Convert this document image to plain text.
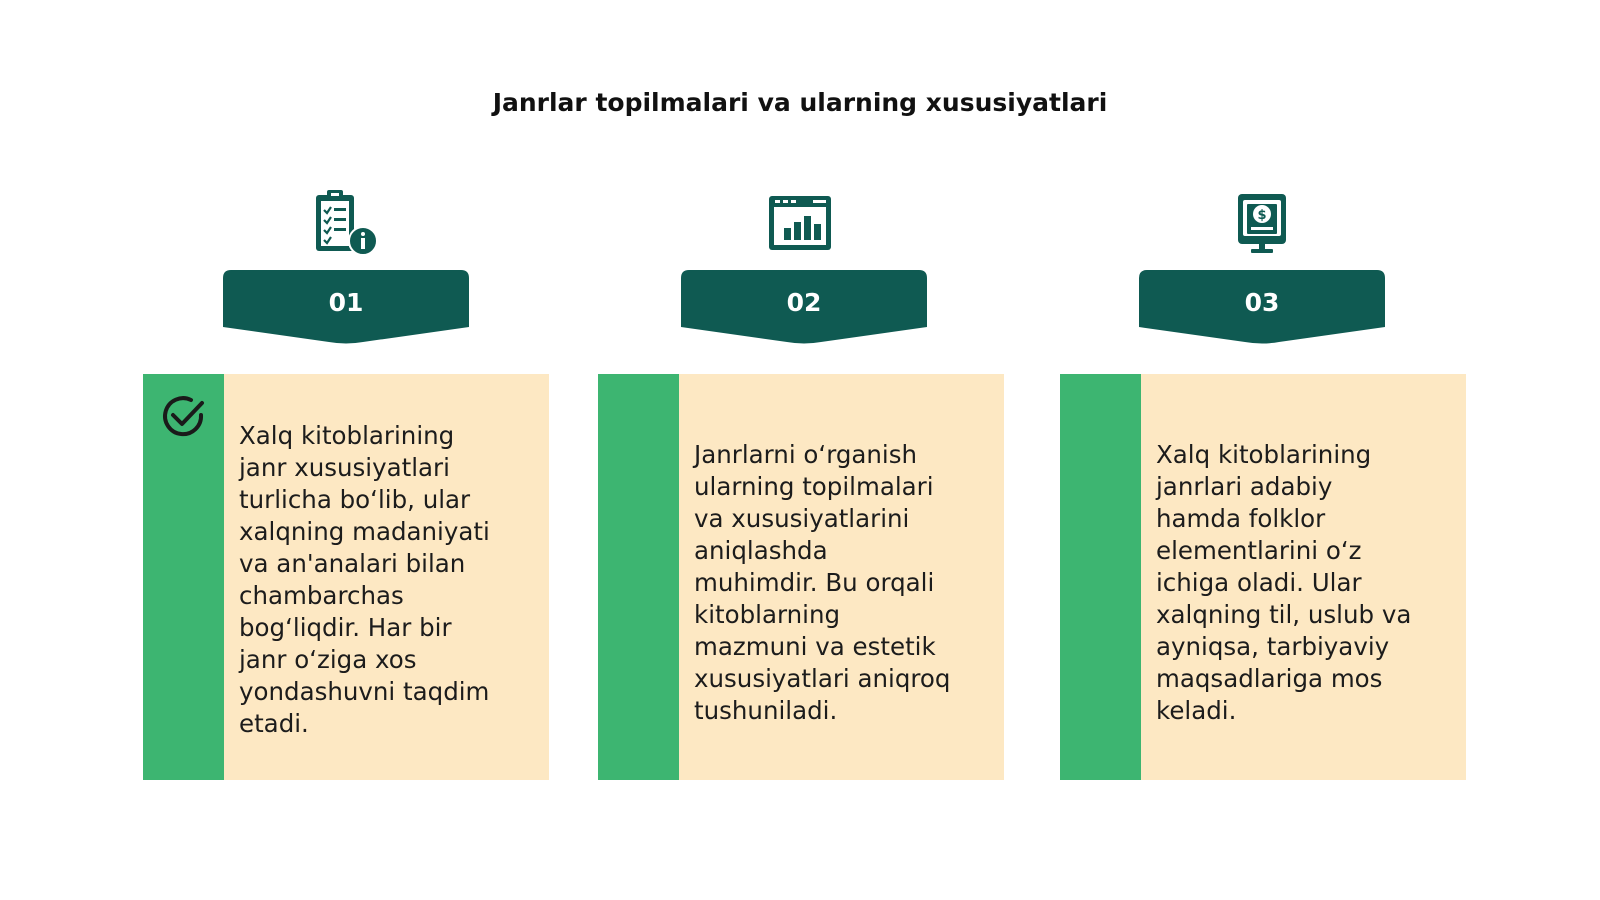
Janrlar topilmalari va ularning xususiyatlari
01
Xalq kitoblarining
janr xususiyatlari
turlicha bo‘lib, ular
xalqning madaniyati
va an'analari bilan
chambarchas
bog‘liqdir. Har bir
janr o‘ziga xos
yondashuvni taqdim
etadi.
02
Janrlarni o‘rganish
ularning topilmalari
va xususiyatlarini
aniqlashda
muhimdir. Bu orqali
kitoblarning
mazmuni va estetik
xususiyatlari aniqroq
tushuniladi.
$
03
Xalq kitoblarining
janrlari adabiy
hamda folklor
elementlarini o‘z
ichiga oladi. Ular
xalqning til, uslub va
ayniqsa, tarbiyaviy
maqsadlariga mos
keladi.
